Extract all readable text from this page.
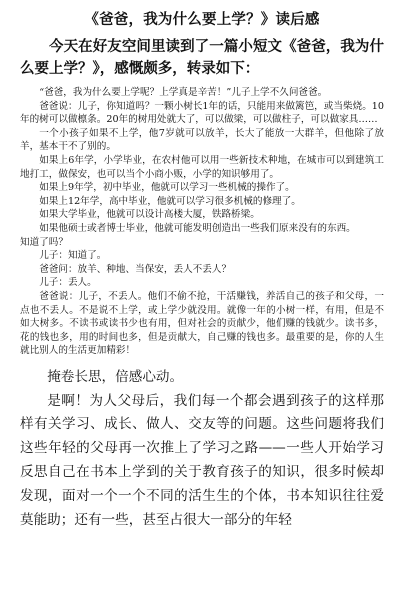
《爸爸，我为什么要上学？》读后感

今天在好友空间里读到了一篇小短文《爸爸，我为什么要上学？》，感慨颇多，转录如下：

“爸爸，我为什么要上学呢？上学真是辛苦！”儿子上学不久问爸爸。

爸爸说：儿子，你知道吗？一颗小树长1年的话，只能用来做篱笆，或当柴烧。10年的树可以做檩条。20年的树用处就大了，可以做梁，可以做柱子，可以做家具……

一个小孩子如果不上学，他7岁就可以放羊，长大了能放一大群羊，但他除了放羊，基本干不了别的。

如果上6年学，小学毕业，在农村他可以用一些新技术种地，在城市可以到建筑工地打工，做保安，也可以当个小商小贩，小学的知识够用了。

如果上9年学，初中毕业，他就可以学习一些机械的操作了。

如果上12年学，高中毕业，他就可以学习很多机械的修理了。

如果大学毕业，他就可以设计高楼大厦，铁路桥梁。

如果他硕士或者博士毕业，他就可能发明创造出一些我们原来没有的东西。

知道了吗？

儿子：知道了。

爸爸问：放羊、种地、当保安，丢人不丢人？

儿子：丢人。

爸爸说：儿子，不丢人。他们不偷不抢，干活赚钱，养活自己的孩子和父母，一点也不丢人。不是说不上学，或上学少就没用。就像一年的小树一样，有用，但是不如大树多。不读书或读书少也有用，但对社会的贡献少，他们赚的钱就少。读书多，花的钱也多，用的时间也多，但是贡献大，自己赚的钱也多。最重要的是，你的人生就比别人的生活更加精彩！

掩卷长思，倍感心动。

是啊！为人父母后，我们每一个都会遇到孩子的这样那样有关学习、成长、做人、交友等的问题。这些问题将我们这些年轻的父母再一次推上了学习之路——一些人开始学习反思自己在书本上学到的关于教育孩子的知识，很多时候却发现，面对一个一个不同的活生生的个体，书本知识往往爱莫能助；还有一些，甚至占很大一部分的年轻
